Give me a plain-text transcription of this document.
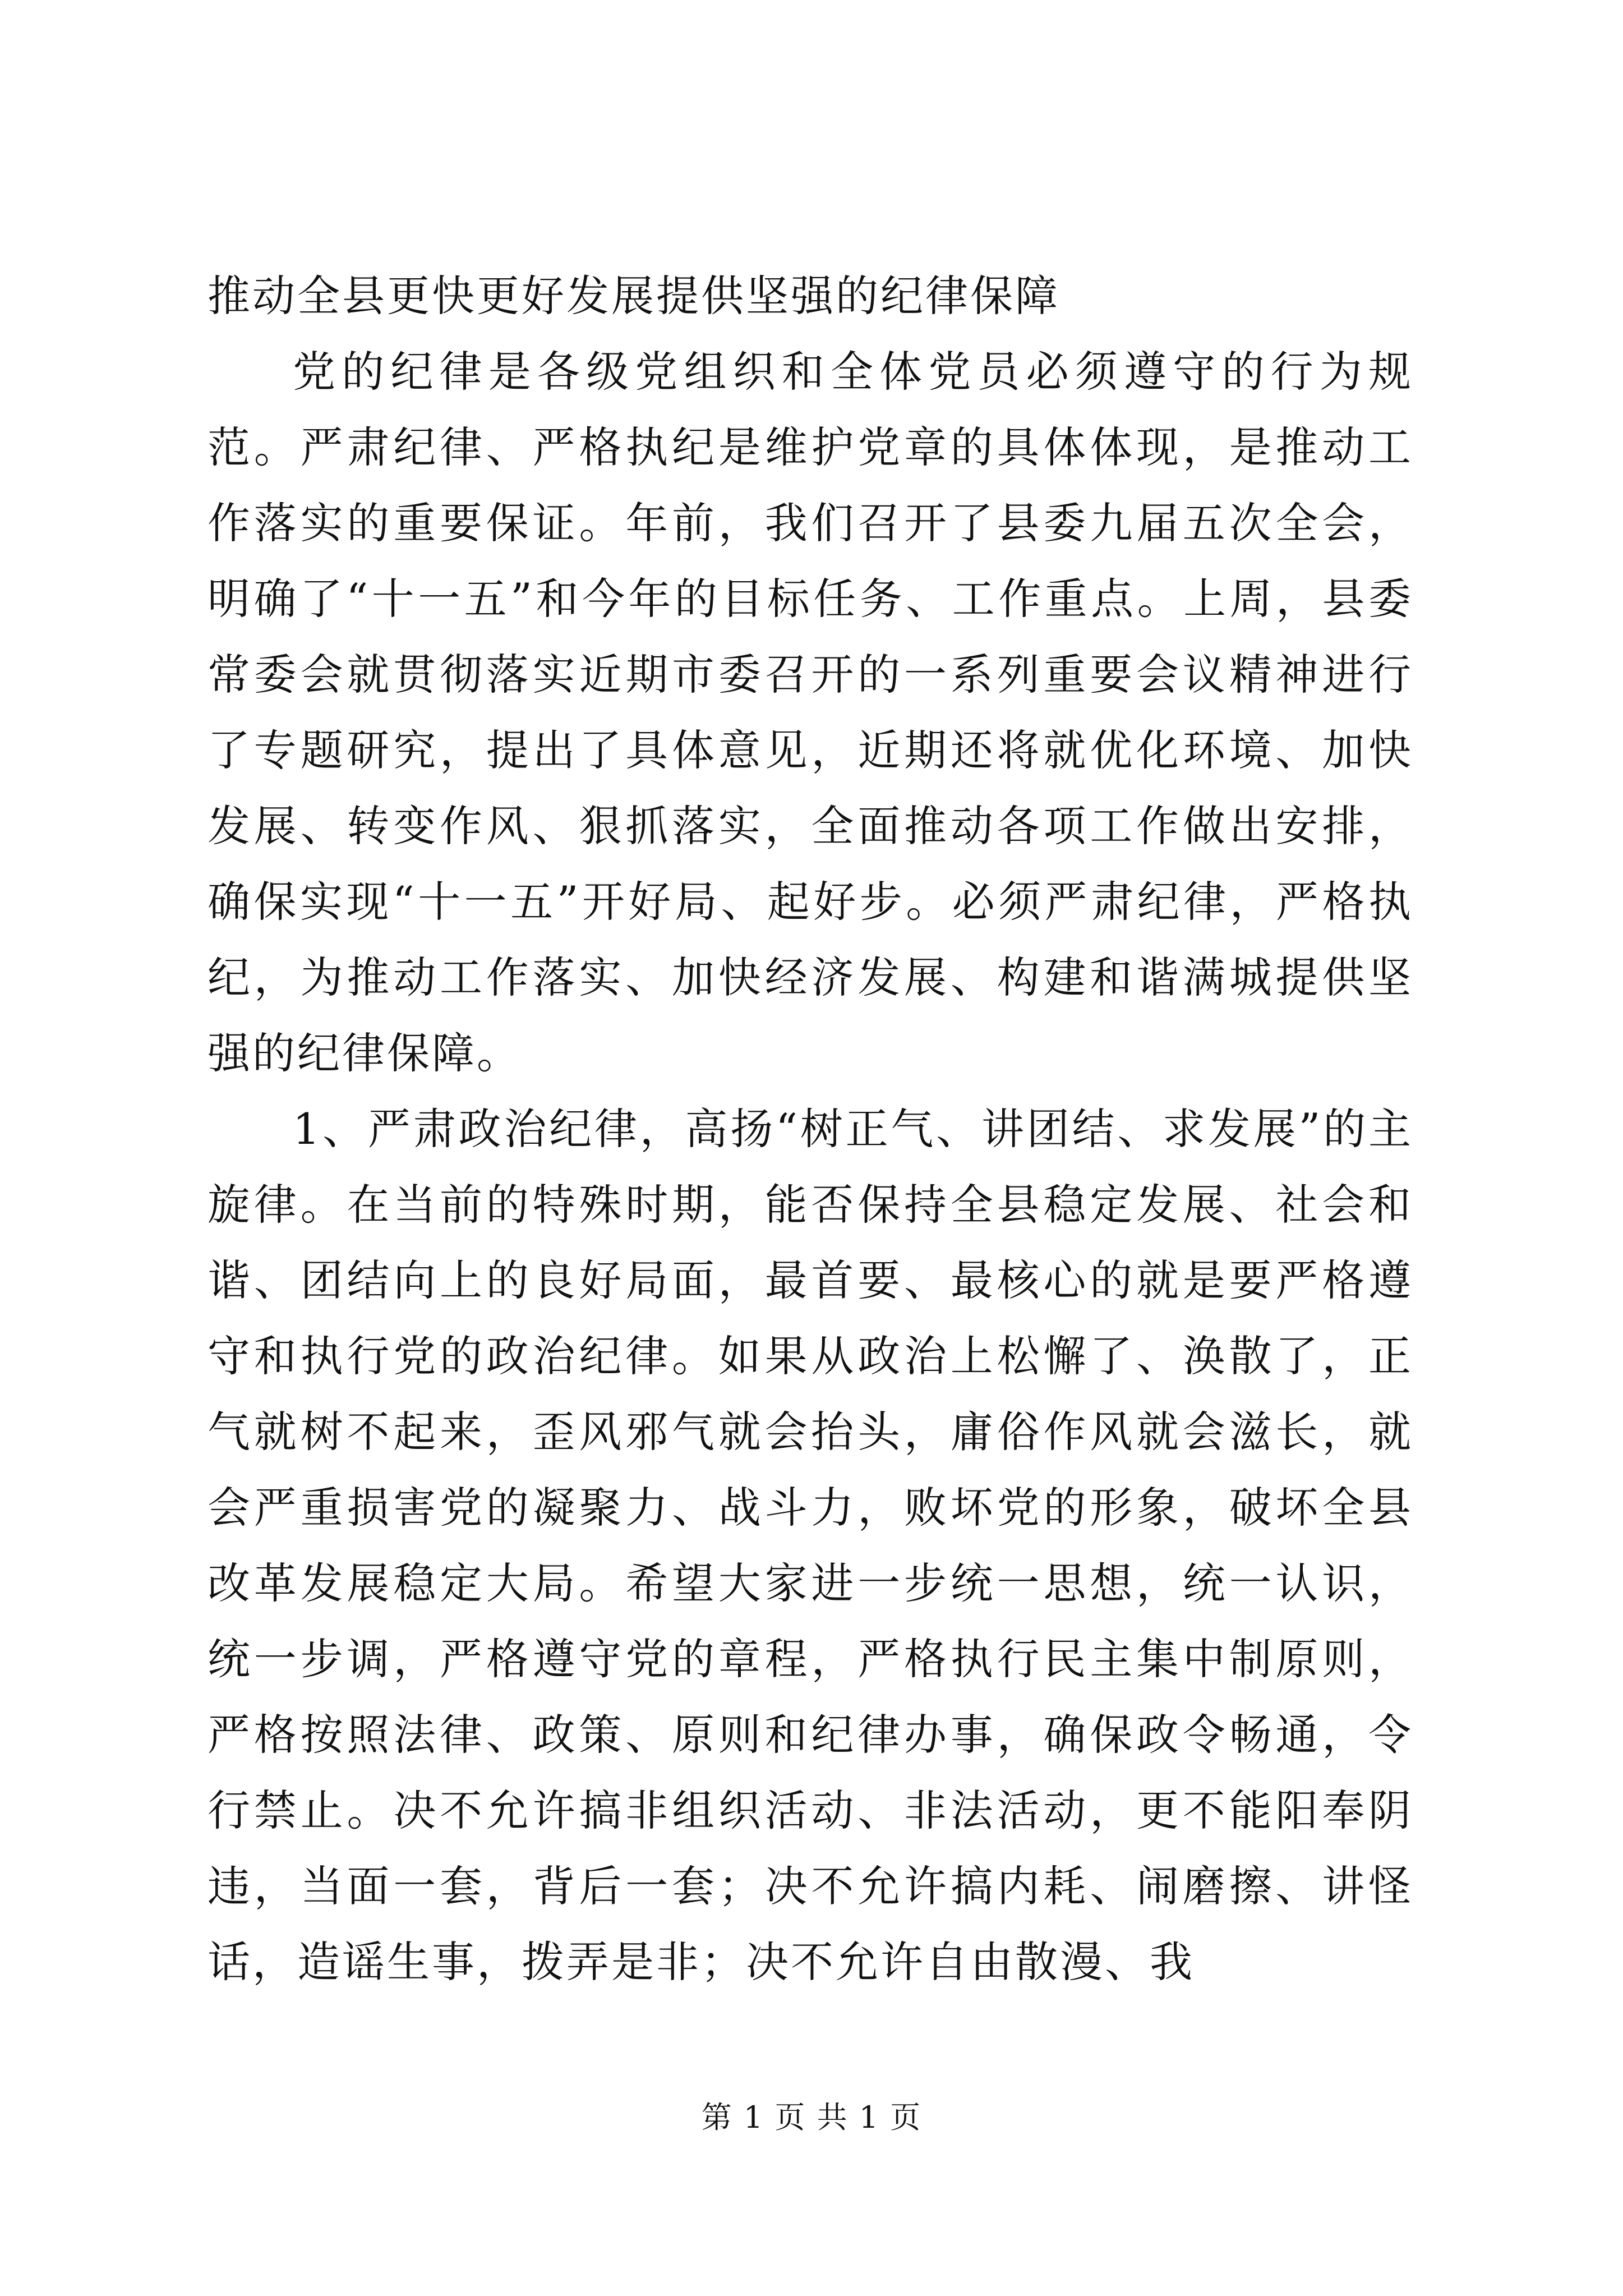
推动全县更快更好发展提供坚强的纪律保障

党的纪律是各级党组织和全体党员必须遵守的行为规范。严肃纪律、严格执纪是维护党章的具体体现，是推动工作落实的重要保证。年前，我们召开了县委九届五次全会，明确了“十一五”和今年的目标任务、工作重点。上周，县委常委会就贯彻落实近期市委召开的一系列重要会议精神进行了专题研究，提出了具体意见，近期还将就优化环境、加快发展、转变作风、狠抓落实，全面推动各项工作做出安排，确保实现“十一五”开好局、起好步。必须严肃纪律，严格执纪，为推动工作落实、加快经济发展、构建和谐满城提供坚强的纪律保障。

1、严肃政治纪律，高扬“树正气、讲团结、求发展”的主旋律。在当前的特殊时期，能否保持全县稳定发展、社会和谐、团结向上的良好局面，最首要、最核心的就是要严格遵守和执行党的政治纪律。如果从政治上松懈了、涣散了，正气就树不起来，歪风邪气就会抬头，庸俗作风就会滋长，就会严重损害党的凝聚力、战斗力，败坏党的形象，破坏全县改革发展稳定大局。希望大家进一步统一思想，统一认识，统一步调，严格遵守党的章程，严格执行民主集中制原则，严格按照法律、政策、原则和纪律办事，确保政令畅通，令行禁止。决不允许搞非组织活动、非法活动，更不能阳奉阴违，当面一套，背后一套；决不允许搞内耗、闹磨擦、讲怪话，造谣生事，拨弄是非；决不允许自由散漫、我

第 1 页 共 1 页
